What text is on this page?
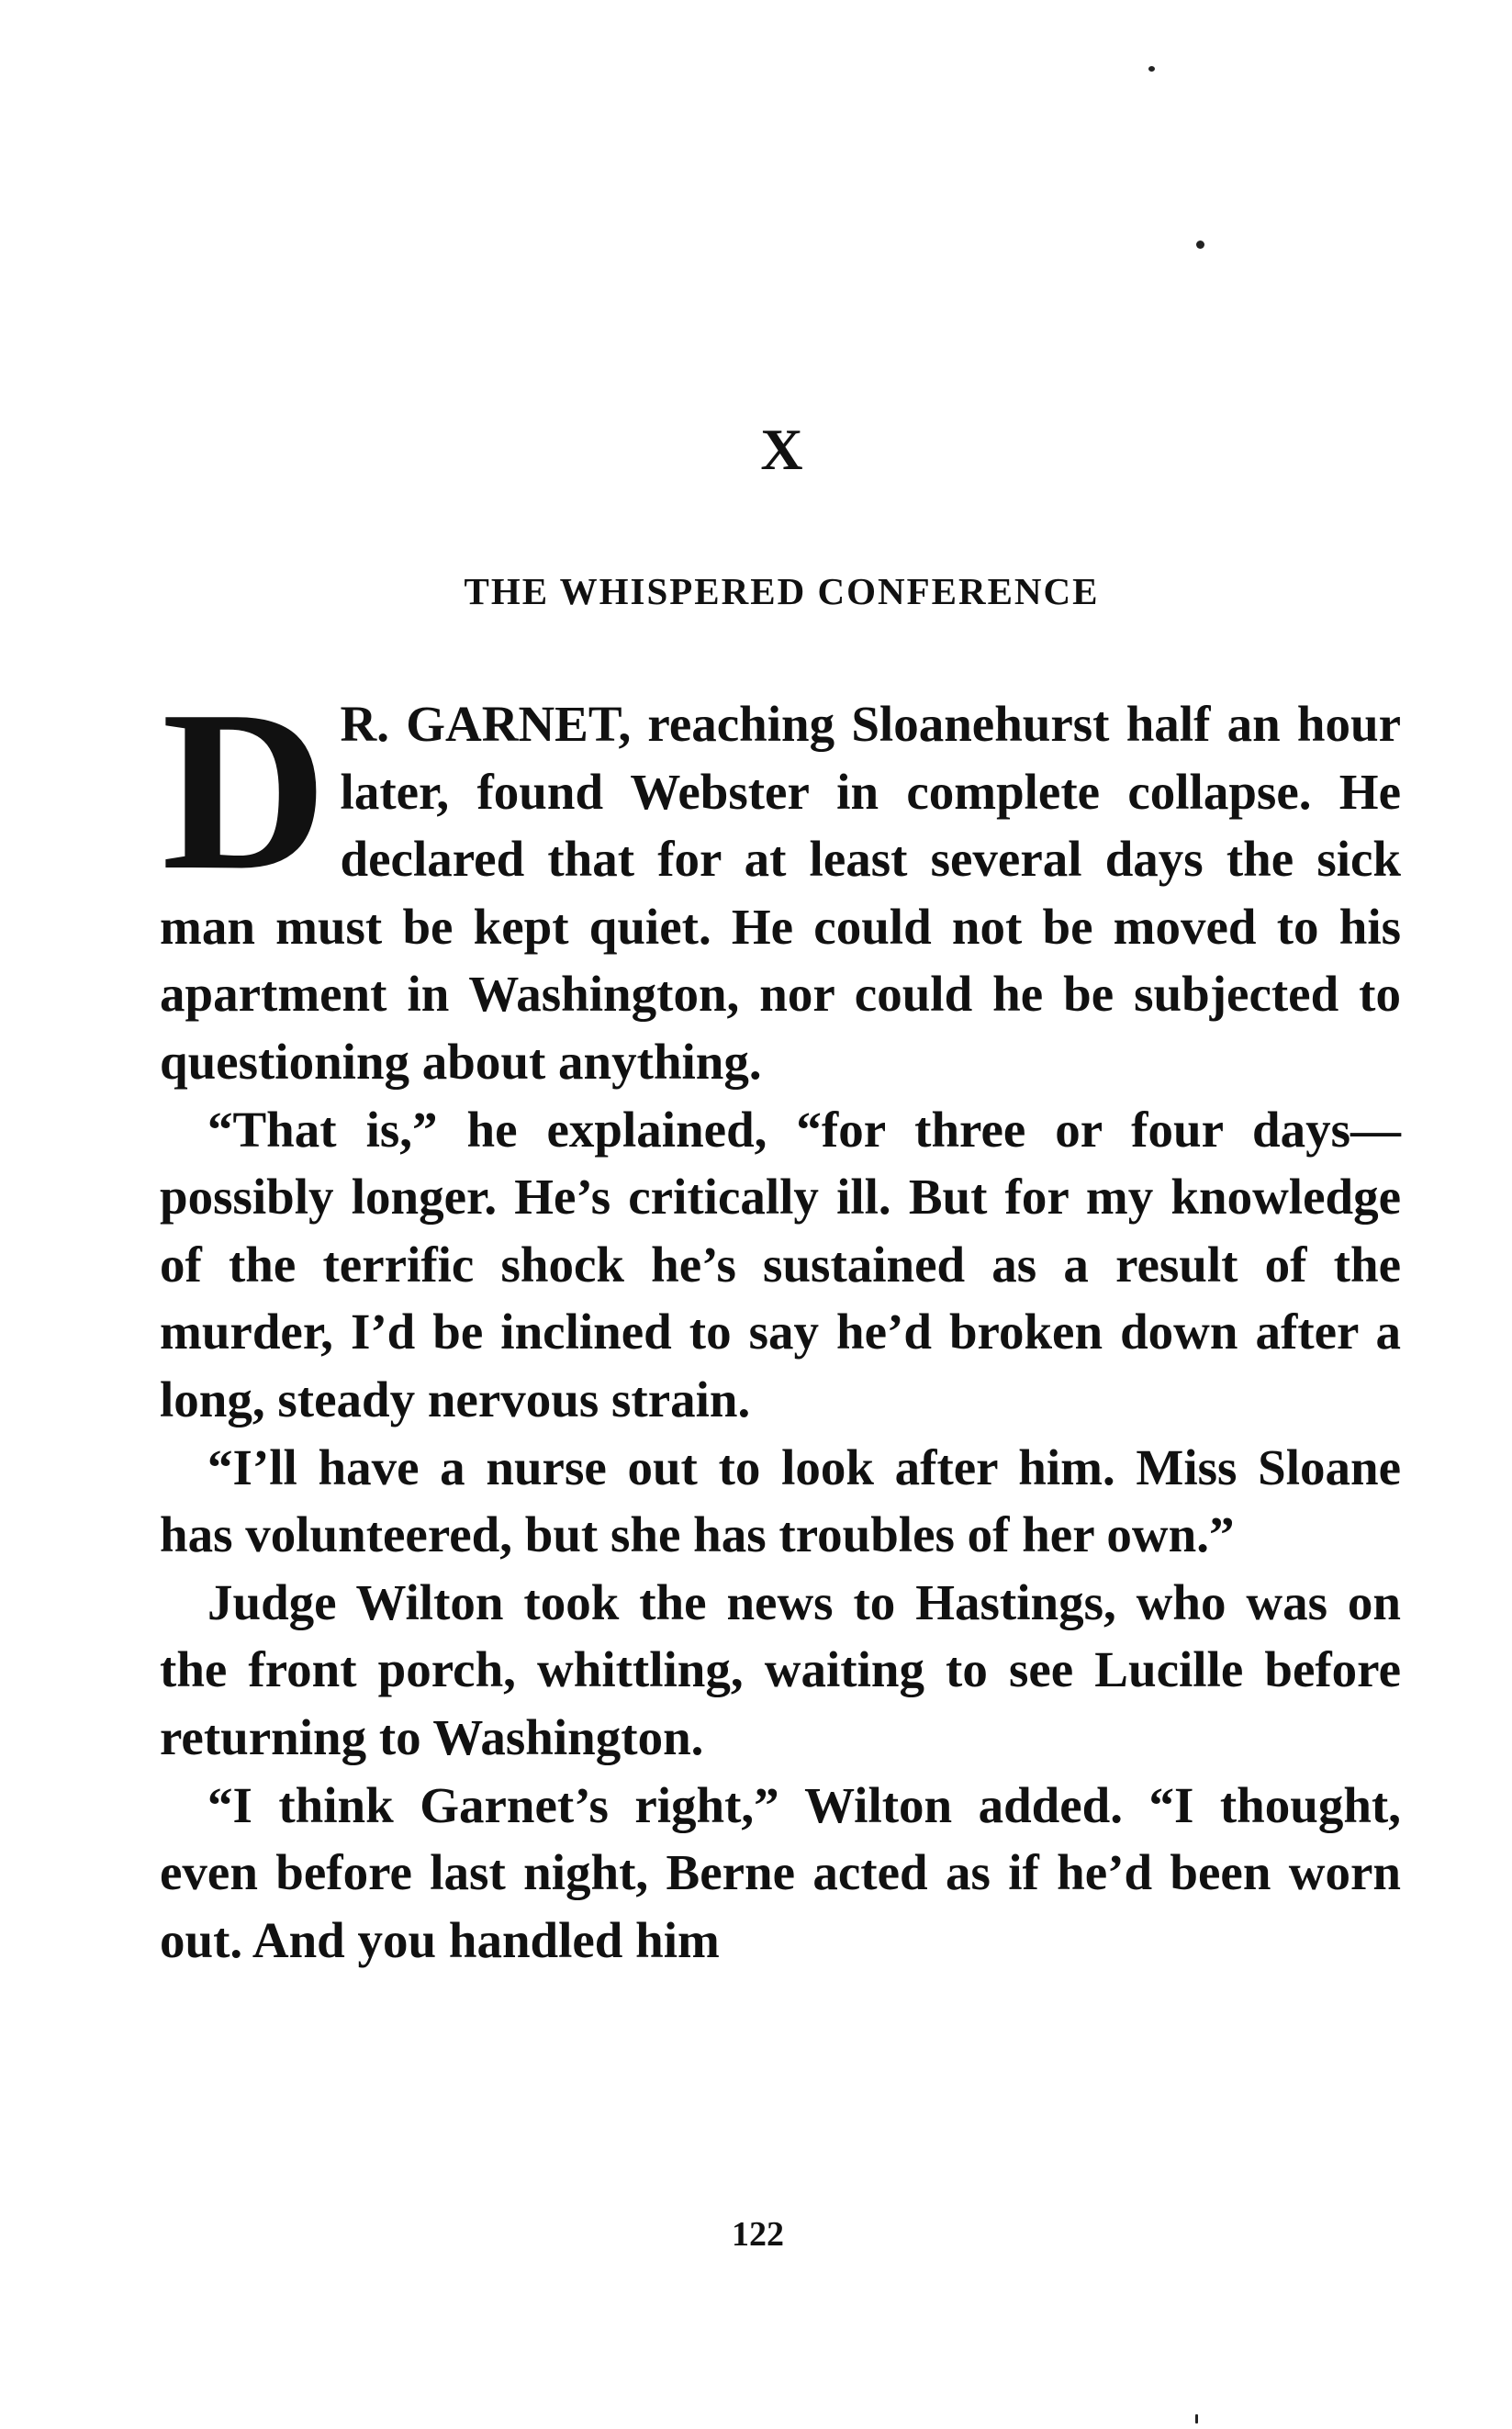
X
THE WHISPERED CONFERENCE

D R. GARNET, reaching Sloanehurst half an hour later, found Webster in complete collapse. He declared that for at least several days the sick man must be kept quiet. He could not be moved to his apartment in Washington, nor could he be subjected to questioning about anything.

“That is,” he explained, “for three or four days—possibly longer. He’s critically ill. But for my knowledge of the terrific shock he’s sustained as a result of the murder, I’d be inclined to say he’d broken down after a long, steady nervous strain.

“I’ll have a nurse out to look after him. Miss Sloane has volunteered, but she has troubles of her own.”

Judge Wilton took the news to Hastings, who was on the front porch, whittling, waiting to see Lucille before returning to Washington.

“I think Garnet’s right,” Wilton added. “I thought, even before last night, Berne acted as if he’d been worn out. And you handled him

122
